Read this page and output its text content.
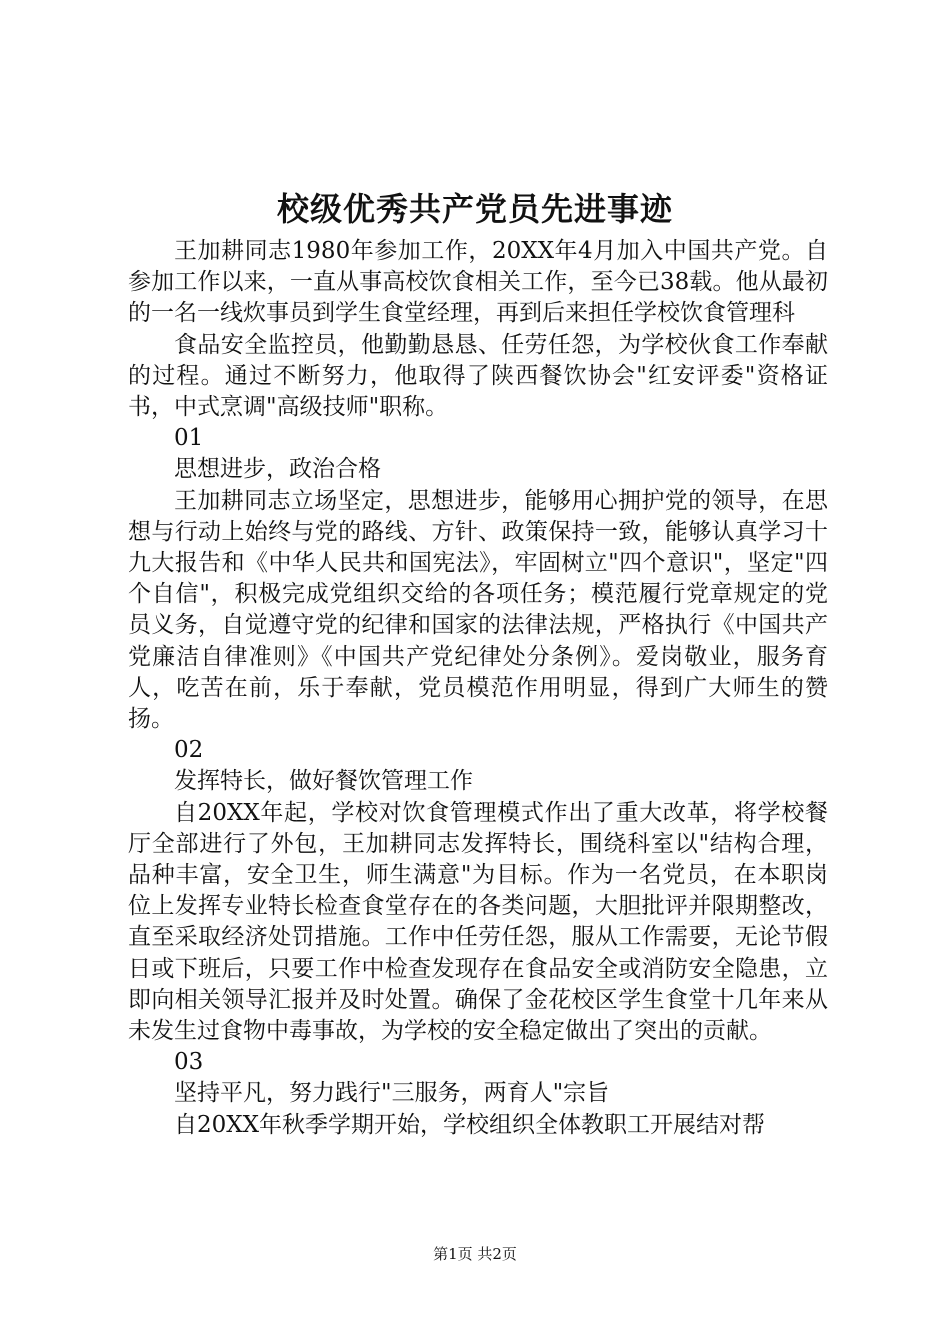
校级优秀共产党员先进事迹

王加耕同志1980年参加工作，20XX年4月加入中国共产党。自参加工作以来，一直从事高校饮食相关工作，至今已38载。他从最初的一名一线炊事员到学生食堂经理，再到后来担任学校饮食管理科

食品安全监控员，他勤勤恳恳、任劳任怨，为学校伙食工作奉献的过程。通过不断努力，他取得了陕西餐饮协会"红安评委"资格证书，中式烹调"高级技师"职称。

01

思想进步，政治合格

王加耕同志立场坚定，思想进步，能够用心拥护党的领导，在思想与行动上始终与党的路线、方针、政策保持一致，能够认真学习十九大报告和《中华人民共和国宪法》，牢固树立"四个意识"，坚定"四个自信"，积极完成党组织交给的各项任务；模范履行党章规定的党员义务，自觉遵守党的纪律和国家的法律法规，严格执行《中国共产党廉洁自律准则》《中国共产党纪律处分条例》。爱岗敬业，服务育人，吃苦在前，乐于奉献，党员模范作用明显，得到广大师生的赞扬。

02

发挥特长，做好餐饮管理工作

自20XX年起，学校对饮食管理模式作出了重大改革，将学校餐厅全部进行了外包，王加耕同志发挥特长，围绕科室以"结构合理，品种丰富，安全卫生，师生满意"为目标。作为一名党员，在本职岗位上发挥专业特长检查食堂存在的各类问题，大胆批评并限期整改，直至采取经济处罚措施。工作中任劳任怨，服从工作需要，无论节假日或下班后，只要工作中检查发现存在食品安全或消防安全隐患，立即向相关领导汇报并及时处置。确保了金花校区学生食堂十几年来从未发生过食物中毒事故，为学校的安全稳定做出了突出的贡献。

03

坚持平凡，努力践行"三服务，两育人"宗旨

自20XX年秋季学期开始，学校组织全体教职工开展结对帮

第1页 共2页
